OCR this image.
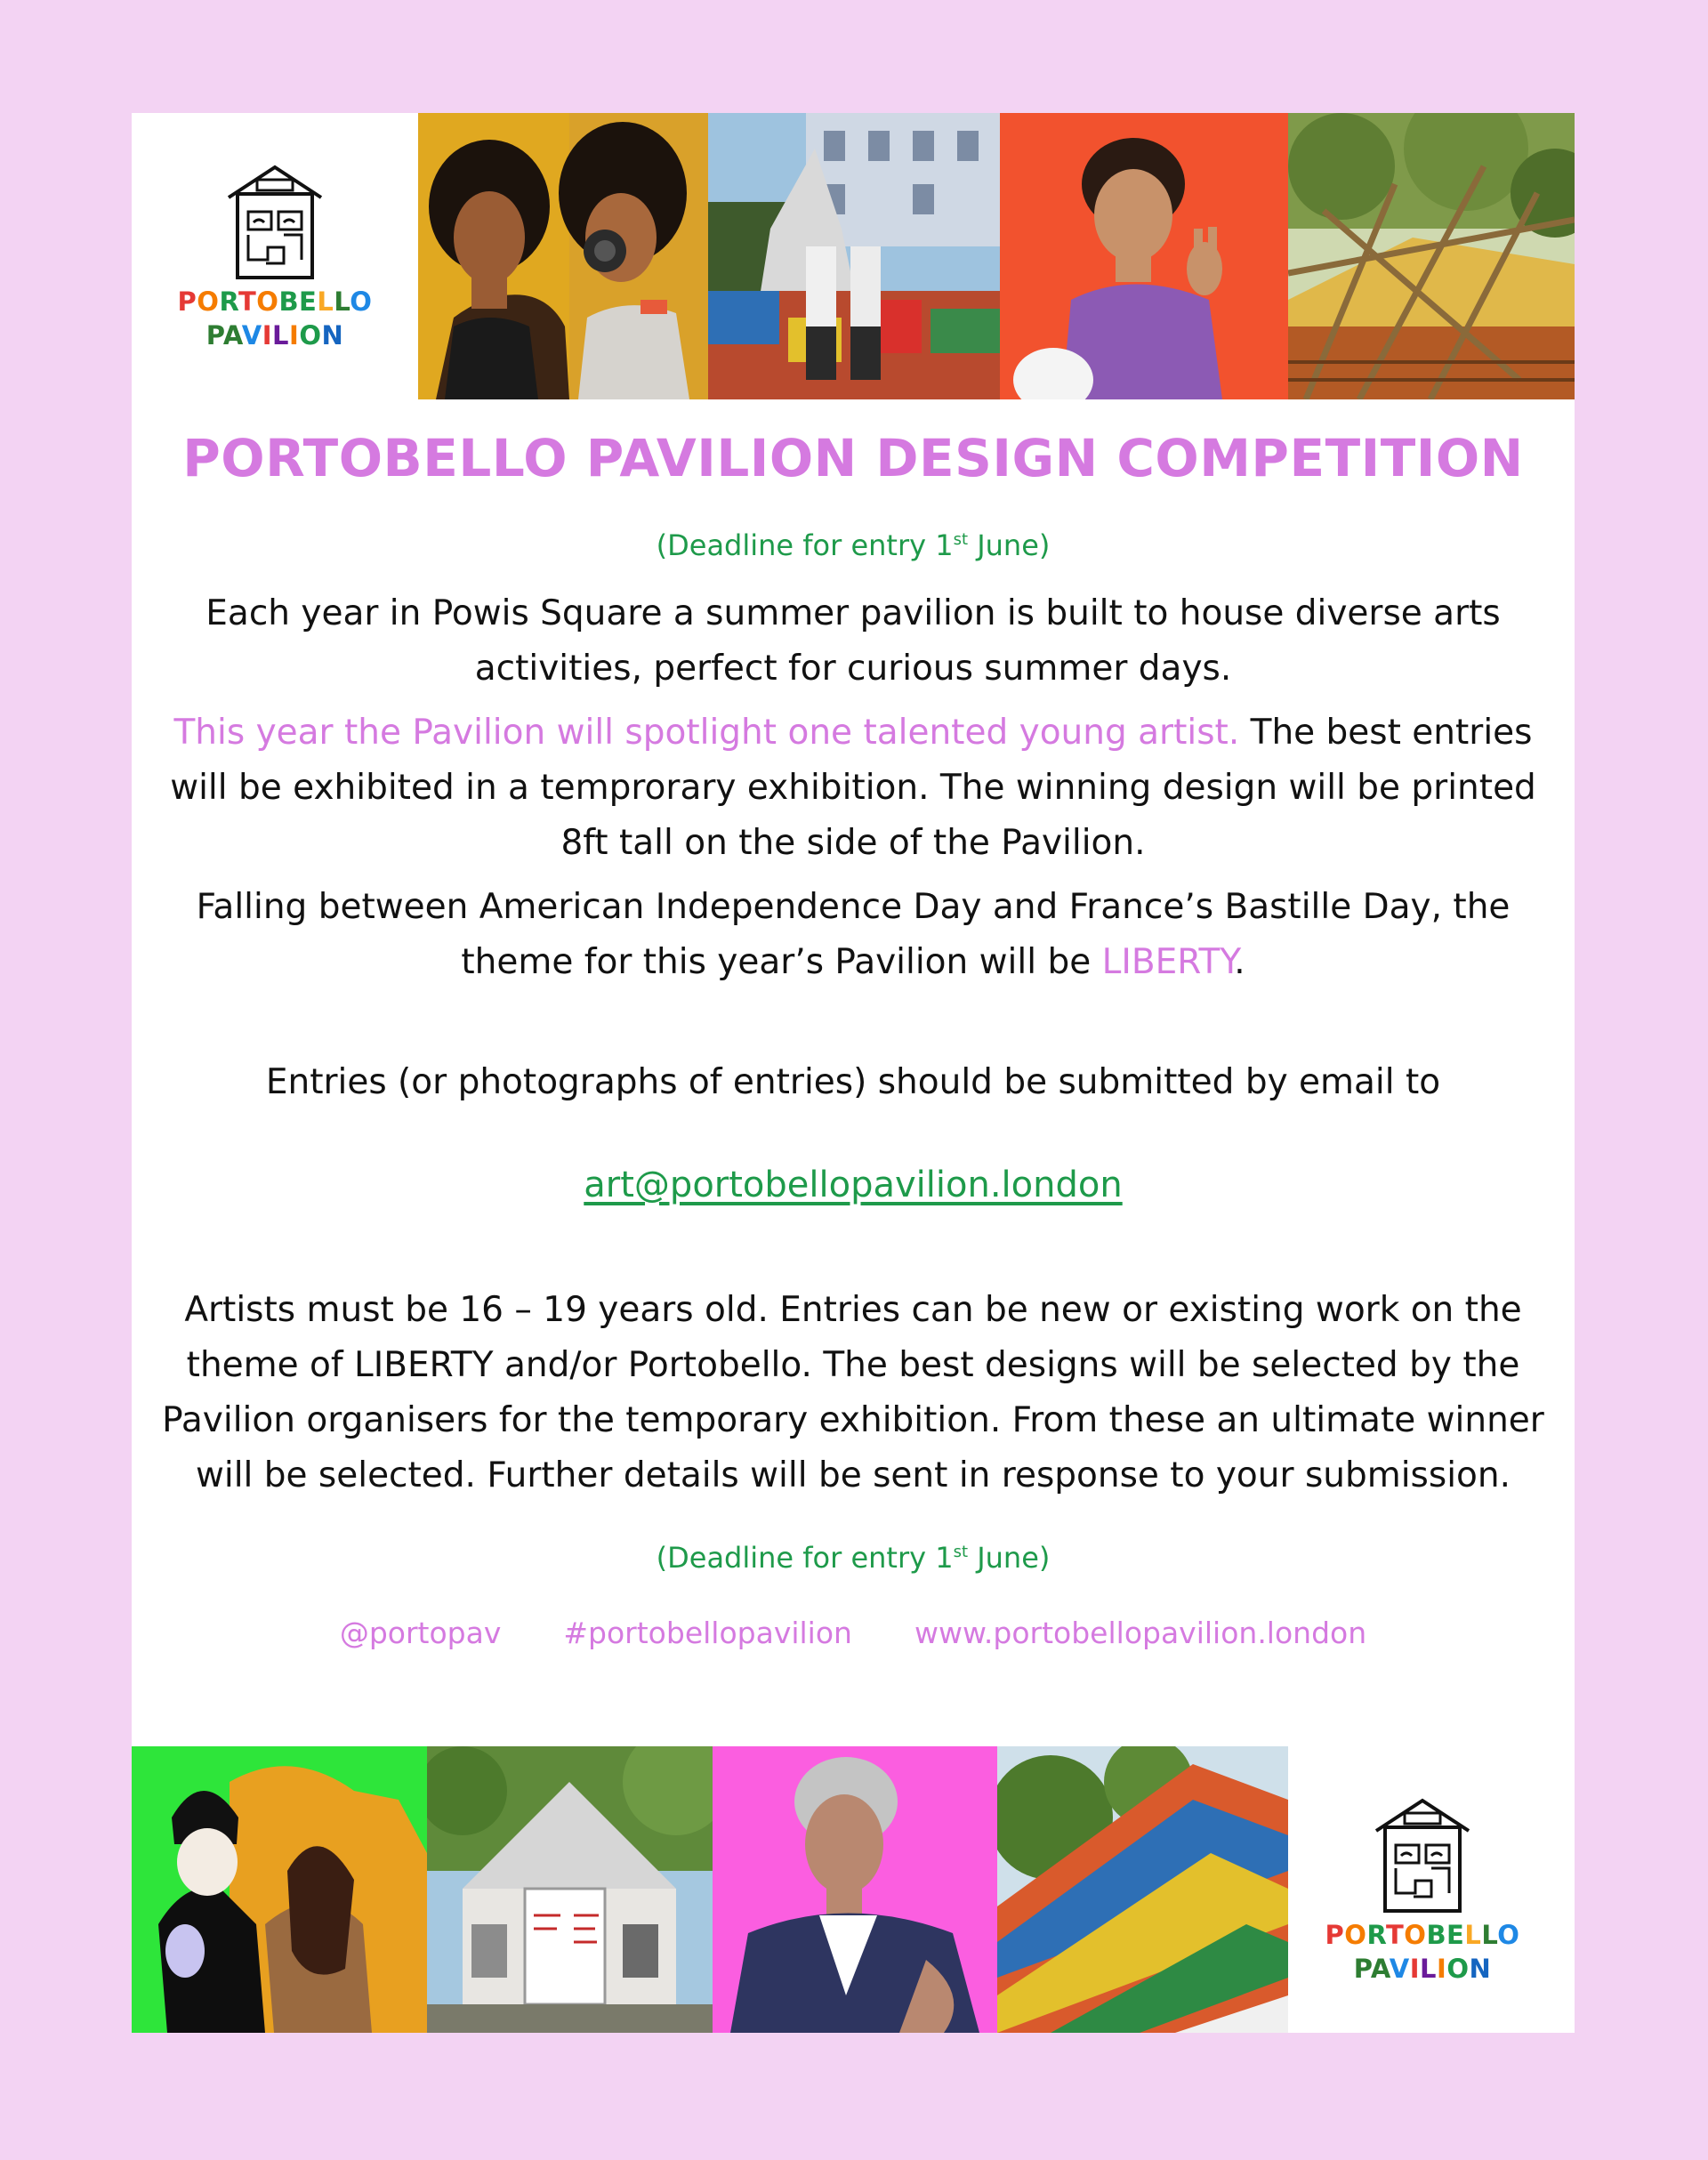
PORTOBELLO
PAVILION
PORTOBELLO PAVILION DESIGN COMPETITION

(Deadline for entry 1st June)

Each year in Powis Square a summer pavilion is built to house diverse arts activities, perfect for curious summer days.

This year the Pavilion will spotlight one talented young artist. The best entries will be exhibited in a temprorary exhibition. The winning design will be printed 8ft tall on the side of the Pavilion.

Falling between American Independence Day and France’s Bastille Day, the theme for this year’s Pavilion will be LIBERTY.

Entries (or photographs of entries) should be submitted by email to

art@portobellopavilion.london

Artists must be 16 – 19 years old. Entries can be new or existing work on the theme of LIBERTY and/or Portobello. The best designs will be selected by the Pavilion organisers for the temporary exhibition. From these an ultimate winner will be selected. Further details will be sent in response to your submission.

(Deadline for entry 1st June)

@portopav #portobellopavilion www.portobellopavilion.london
PORTOBELLO
PAVILION
